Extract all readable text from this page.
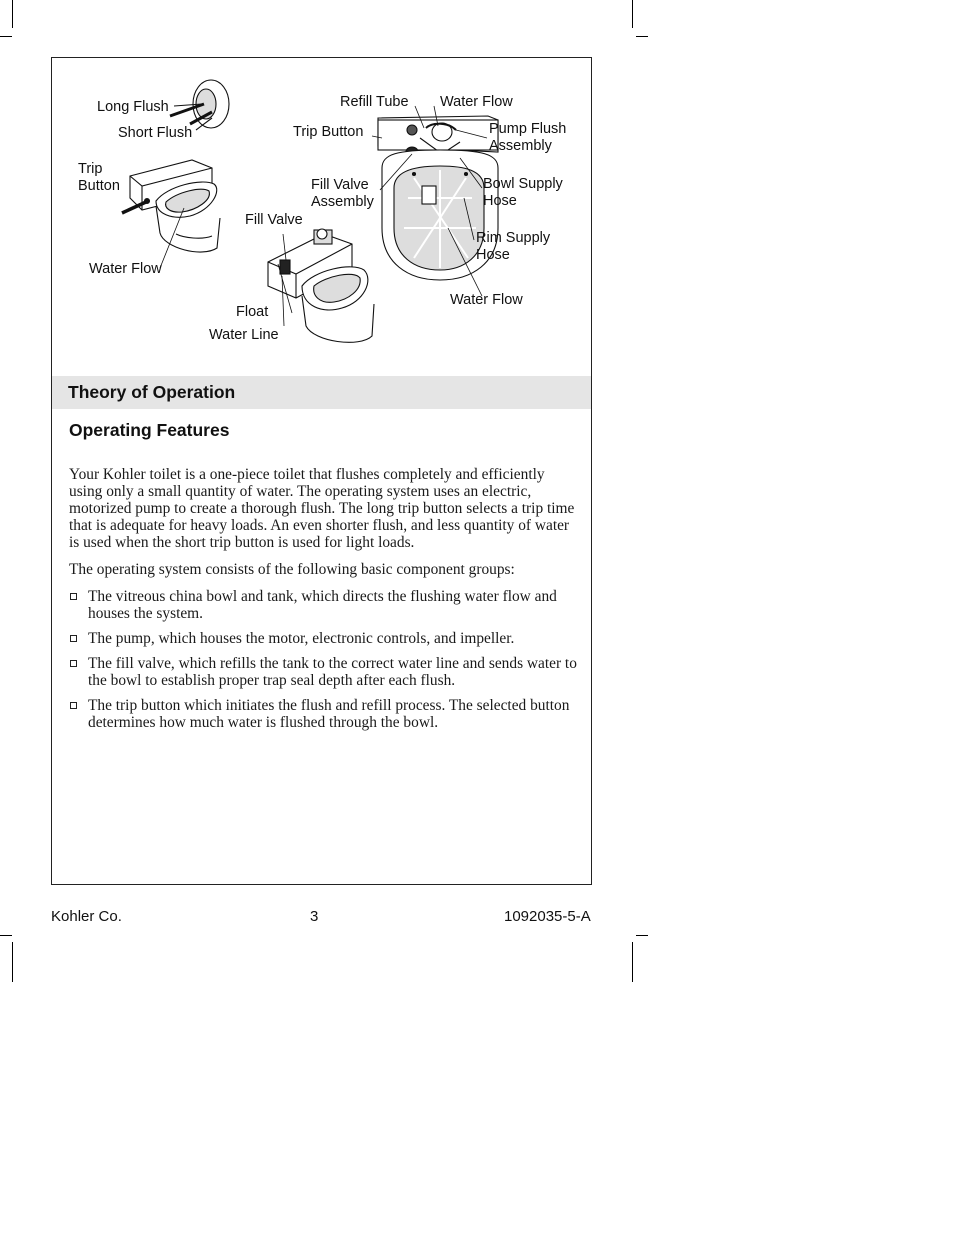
Long Flush
Short Flush
Trip
Button
Water Flow
Fill Valve
Float
Water Line
Refill Tube Water Flow
Trip Button	Pump Flush
Assembly
Fill Valve
Assembly
Bowl Supply
Hose
Rim Supply
Hose
Water Flow
Theory of Operation
Operating Features

Your Kohler toilet is a one-piece toilet that flushes completely and efficiently using only a small quantity of water. The operating system uses an electric, motorized pump to create a thorough flush. The long trip button selects a trip time that is adequate for heavy loads. An even shorter flush, and less quantity of water is used when the short trip button is used for light loads.

The operating system consists of the following basic component groups:

The vitreous china bowl and tank, which directs the flushing water flow and houses the system.
The pump, which houses the motor, electronic controls, and impeller.
The fill valve, which refills the tank to the correct water line and sends water to the bowl to establish proper trap seal depth after each flush.
The trip button which initiates the flush and refill process. The selected button determines how much water is flushed through the bowl.
Kohler Co.	3	1092035-5-A
